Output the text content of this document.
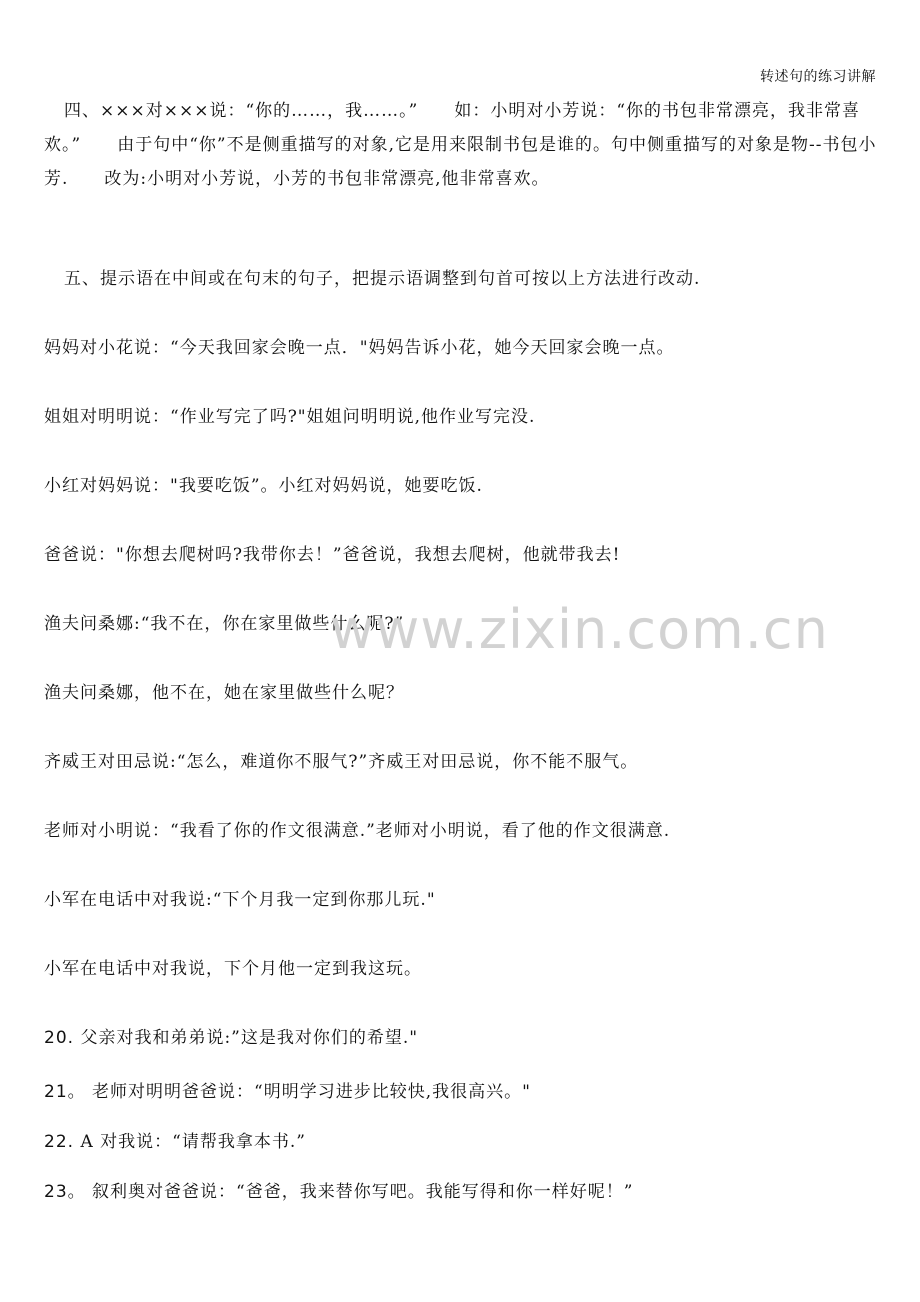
转述句的练习讲解
四、×××对×××说：“你的……，我……。”　　如：小明对小芳说：“你的书包非常漂亮，我非常喜欢。”　　由于句中“你”不是侧重描写的对象,它是用来限制书包是谁的。句中侧重描写的对象是物--书包小芳.　　改为:小明对小芳说，小芳的书包非常漂亮,他非常喜欢。
五、提示语在中间或在句末的句子，把提示语调整到句首可按以上方法进行改动.
妈妈对小花说：“今天我回家会晚一点．"妈妈告诉小花，她今天回家会晚一点。
姐姐对明明说：“作业写完了吗?"姐姐问明明说,他作业写完没.
小红对妈妈说："我要吃饭”。小红对妈妈说，她要吃饭.
爸爸说："你想去爬树吗?我带你去！”爸爸说，我想去爬树，他就带我去!
渔夫问桑娜:“我不在，你在家里做些什么呢?”
渔夫问桑娜，他不在，她在家里做些什么呢？
齐威王对田忌说:“怎么，难道你不服气?”齐威王对田忌说，你不能不服气。
老师对小明说：“我看了你的作文很满意.”老师对小明说，看了他的作文很满意.
小军在电话中对我说:“下个月我一定到你那儿玩."
小军在电话中对我说，下个月他一定到我这玩。
20. 父亲对我和弟弟说:”这是我对你们的希望."
21。 老师对明明爸爸说：“明明学习进步比较快,我很高兴。"
22. A 对我说：“请帮我拿本书.”
23。 叙利奥对爸爸说：“爸爸，我来替你写吧。我能写得和你一样好呢！”
www.zixin.com.cn
